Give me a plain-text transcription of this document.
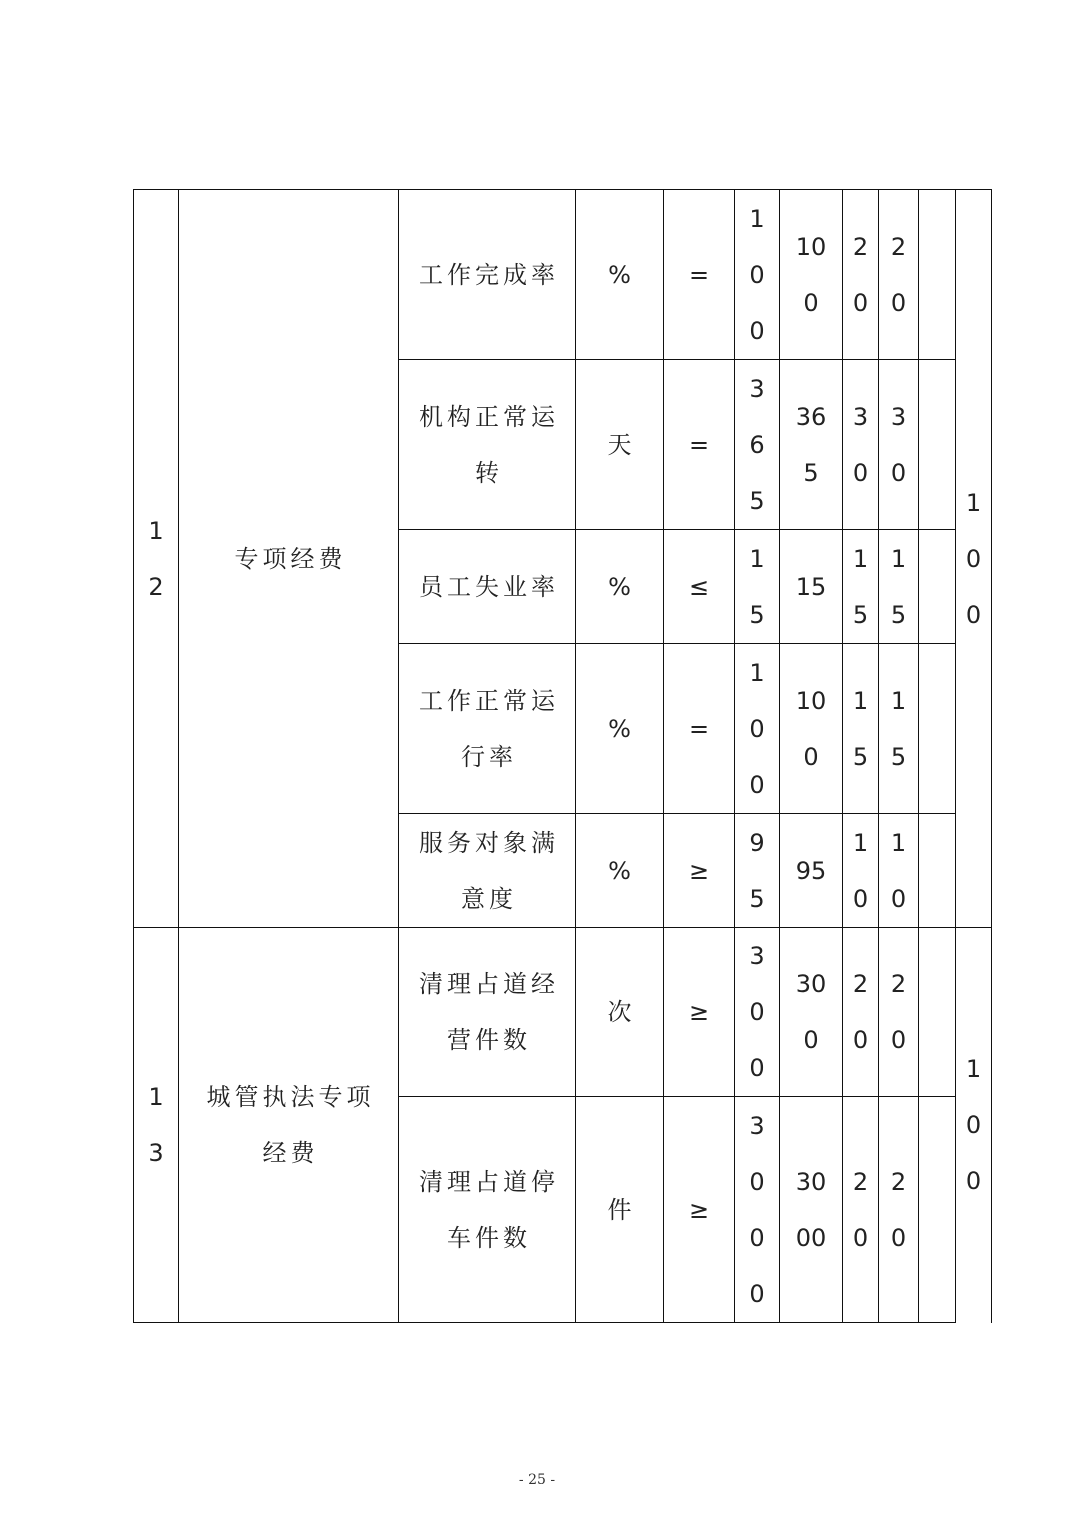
12	专项经费	工作完成率	%	=	100	100	20	20		100

		机构正常运转	天	=	365	365	30	30		

		员工失业率	%	≤	15	15	15	15		

		工作正常运行率	%	=	100	100	15	15		

		服务对象满意度	%	≥	95	95	10	10		

13	城管执法专项经费	清理占道经营件数	次	≥	300	300	20	20		100

		清理占道停车件数	件	≥	3000	3000	20	20		

- 25 -
